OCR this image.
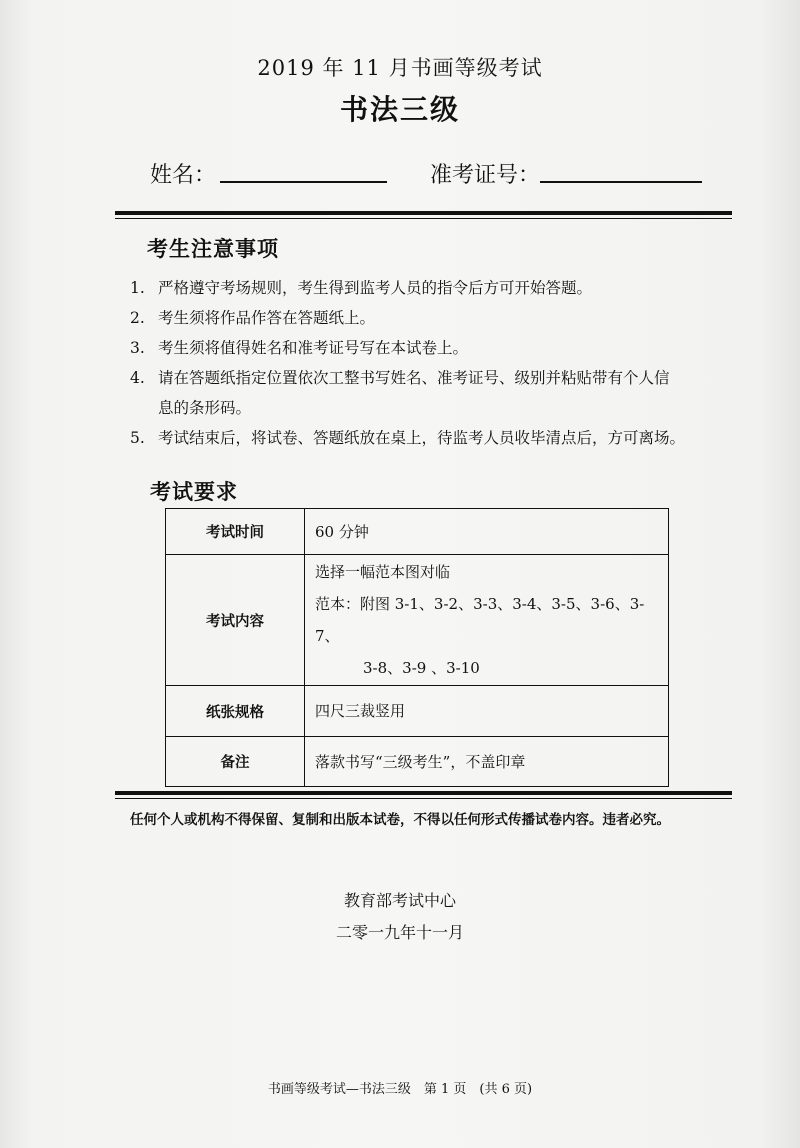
2019 年 11 月书画等级考试
书法三级
姓名：	准考证号：
考生注意事项
1. 严格遵守考场规则，考生得到监考人员的指令后方可开始答题。
2. 考生须将作品作答在答题纸上。
3. 考生须将值得姓名和准考证号写在本试卷上。
4. 请在答题纸指定位置依次工整书写姓名、准考证号、级别并粘贴带有个人信
息的条形码。
5. 考试结束后，将试卷、答题纸放在桌上，待监考人员收毕清点后，方可离场。
考试要求
考试时间	60 分钟

考试内容	选择一幅范本图对临
范本：附图 3-1、3-2、3-3、3-4、3-5、3-6、3-7、
3-8、3-9 、3-10

纸张规格	四尺三裁竖用

备注	落款书写“三级考生”，不盖印章
任何个人或机构不得保留、复制和出版本试卷，不得以任何形式传播试卷内容。违者必究。
教育部考试中心
二零一九年十一月
书画等级考试—书法三级　第 1 页　(共 6 页)
